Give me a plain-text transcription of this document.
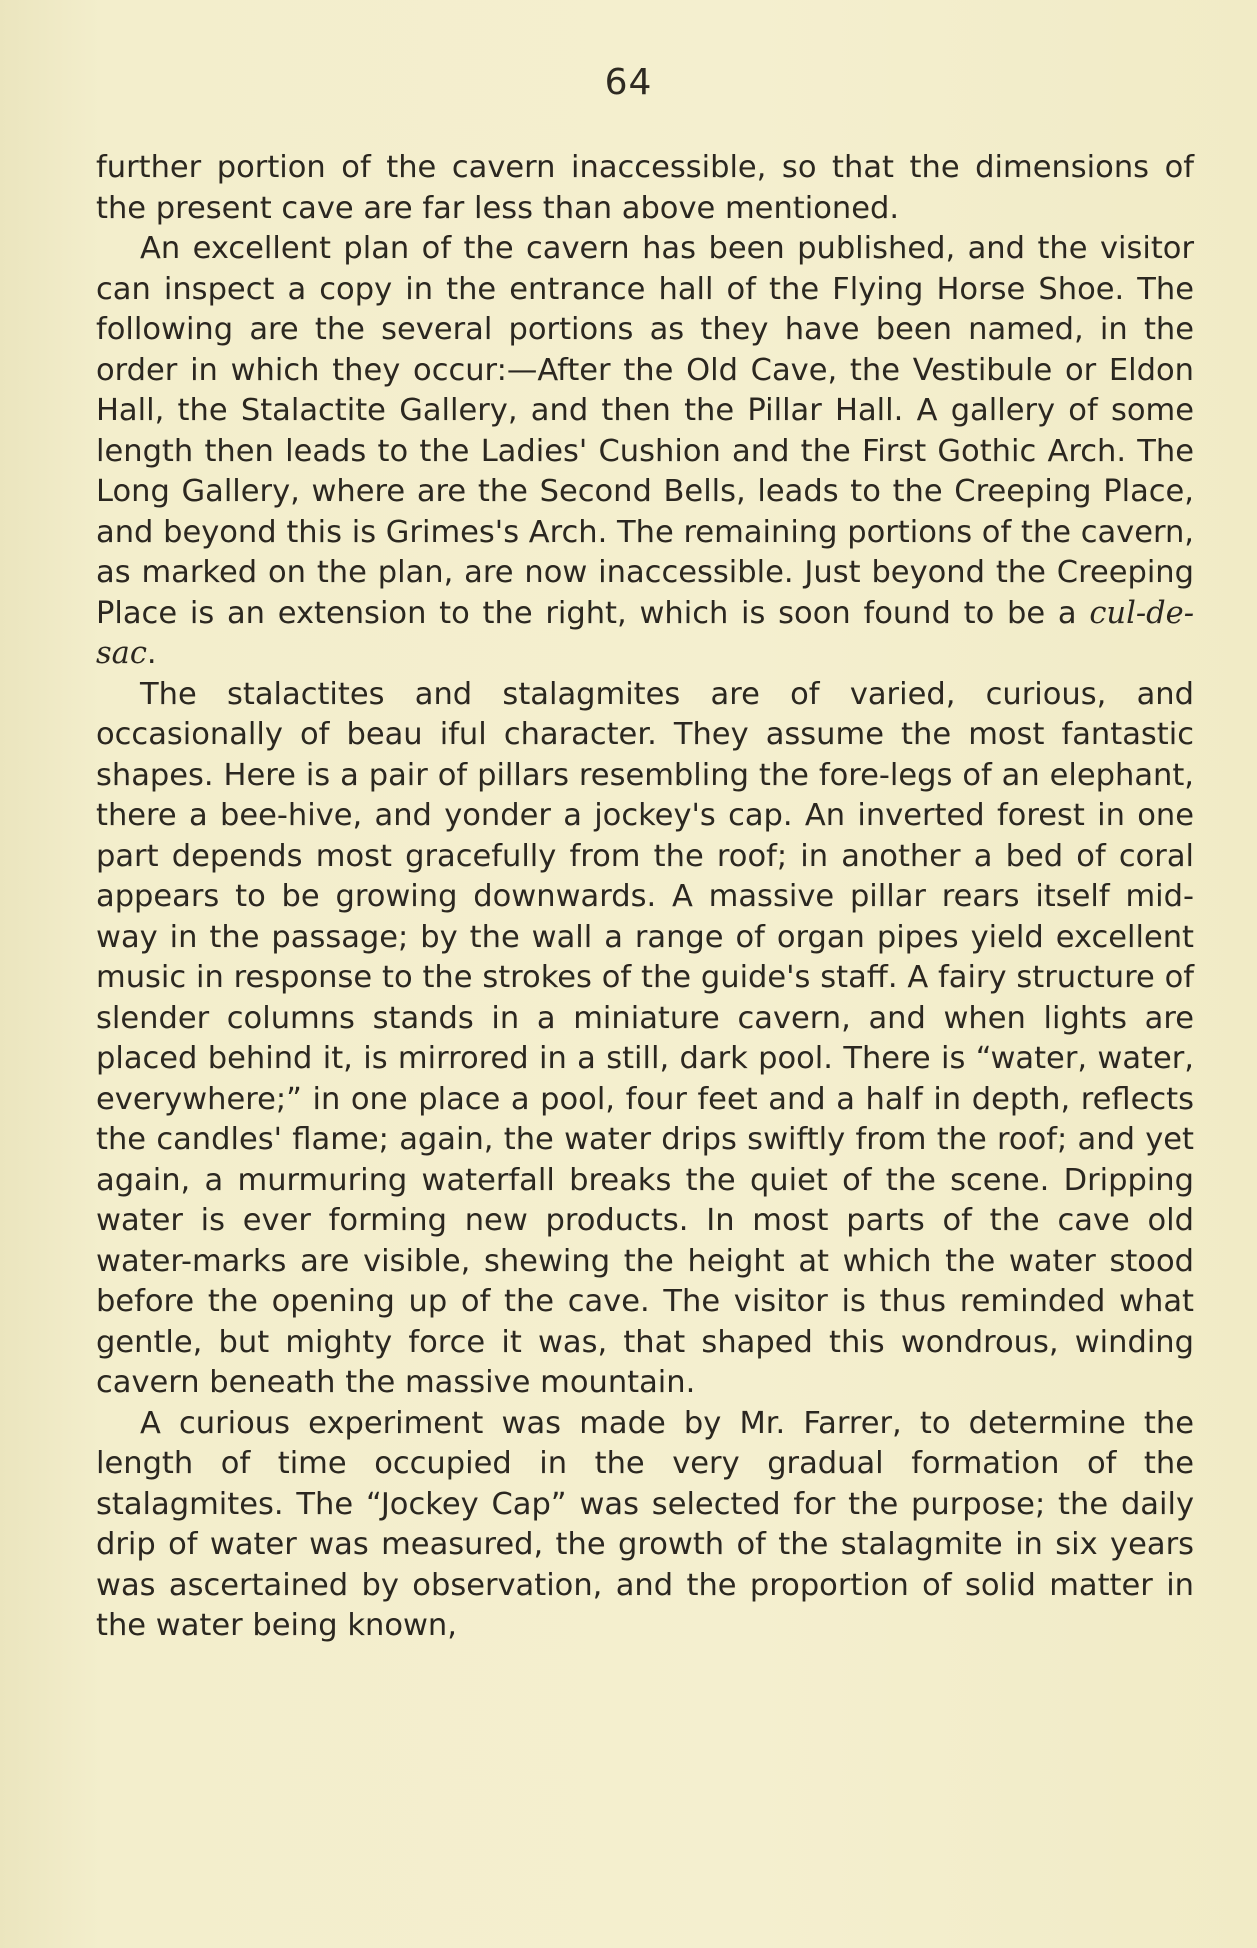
64

further portion of the cavern inaccessible, so that the dimensions of the present cave are far less than above mentioned.

An excellent plan of the cavern has been published, and the visitor can inspect a copy in the entrance hall of the Flying Horse Shoe. The following are the several portions as they have been named, in the order in which they occur:—After the Old Cave, the Vestibule or Eldon Hall, the Stalactite Gallery, and then the Pillar Hall. A gallery of some length then leads to the Ladies' Cushion and the First Gothic Arch. The Long Gallery, where are the Second Bells, leads to the Creeping Place, and beyond this is Grimes's Arch. The remaining portions of the cavern, as marked on the plan, are now inaccessible. Just beyond the Creeping Place is an extension to the right, which is soon found to be a cul-de-sac.

The stalactites and stalagmites are of varied, curious, and occasionally of beau iful character. They assume the most fantastic shapes. Here is a pair of pillars resembling the fore-legs of an elephant, there a bee-hive, and yonder a jockey's cap. An inverted forest in one part depends most gracefully from the roof; in another a bed of coral appears to be growing downwards. A massive pillar rears itself mid-way in the passage; by the wall a range of organ pipes yield excellent music in response to the strokes of the guide's staff. A fairy structure of slender columns stands in a miniature cavern, and when lights are placed behind it, is mirrored in a still, dark pool. There is “water, water, everywhere;” in one place a pool, four feet and a half in depth, reflects the candles' flame; again, the water drips swiftly from the roof; and yet again, a murmuring waterfall breaks the quiet of the scene. Dripping water is ever forming new products. In most parts of the cave old water-marks are visible, shewing the height at which the water stood before the opening up of the cave. The visitor is thus reminded what gentle, but mighty force it was, that shaped this wondrous, winding cavern beneath the massive mountain.

A curious experiment was made by Mr. Farrer, to determine the length of time occupied in the very gradual formation of the stalagmites. The “Jockey Cap” was selected for the purpose; the daily drip of water was measured, the growth of the stalagmite in six years was ascertained by observation, and the proportion of solid matter in the water being known,
